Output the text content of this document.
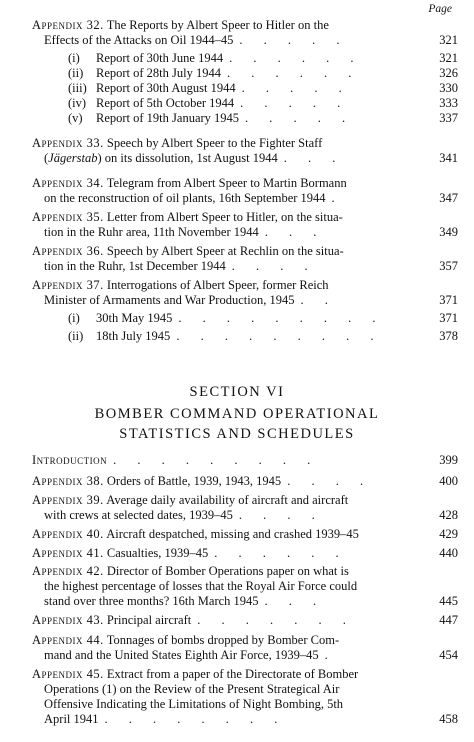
Page
Appendix 32. The Reports by Albert Speer to Hitler on the
Effects of the Attacks on Oil 1944–45 . . . . .	321
(i) Report of 30th June 1944 . . . . . .	321
(ii) Report of 28th July 1944 . . . . . .	326
(iii) Report of 30th August 1944 . . . . .	330
(iv) Report of 5th October 1944 . . . . .	333
(v) Report of 19th January 1945 . . . . .	337
Appendix 33. Speech by Albert Speer to the Fighter Staff
(Jägerstab) on its dissolution, 1st August 1944 . . .	341
Appendix 34. Telegram from Albert Speer to Martin Bormann
on the reconstruction of oil plants, 16th September 1944 .	347
Appendix 35. Letter from Albert Speer to Hitler, on the situa-
tion in the Ruhr area, 11th November 1944 . . .	349
Appendix 36. Speech by Albert Speer at Rechlin on the situa-
tion in the Ruhr, 1st December 1944 . . . .	357
Appendix 37. Interrogations of Albert Speer, former Reich
Minister of Armaments and War Production, 1945 . .	371
(i) 30th May 1945 . . . . . . . . .	371
(ii) 18th July 1945 . . . . . . . . .	378
SECTION VI
BOMBER COMMAND OPERATIONAL
STATISTICS AND SCHEDULES
Introduction . . . . . . . . .	399
Appendix 38. Orders of Battle, 1939, 1943, 1945 . . . .	400
Appendix 39. Average daily availability of aircraft and aircraft
with crews at selected dates, 1939–45 . . . .	428
Appendix 40. Aircraft despatched, missing and crashed 1939–45	429
Appendix 41. Casualties, 1939–45 . . . . . .	440
Appendix 42. Director of Bomber Operations paper on what is
the highest percentage of losses that the Royal Air Force could
stand over three months? 16th March 1945 . . .	445
Appendix 43. Principal aircraft . . . . . . .	447
Appendix 44. Tonnages of bombs dropped by Bomber Com-
mand and the United States Eighth Air Force, 1939–45 .	454
Appendix 45. Extract from a paper of the Directorate of Bomber
Operations (1) on the Review of the Present Strategical Air
Offensive Indicating the Limitations of Night Bombing, 5th
April 1941 . . . . . . . .	458
